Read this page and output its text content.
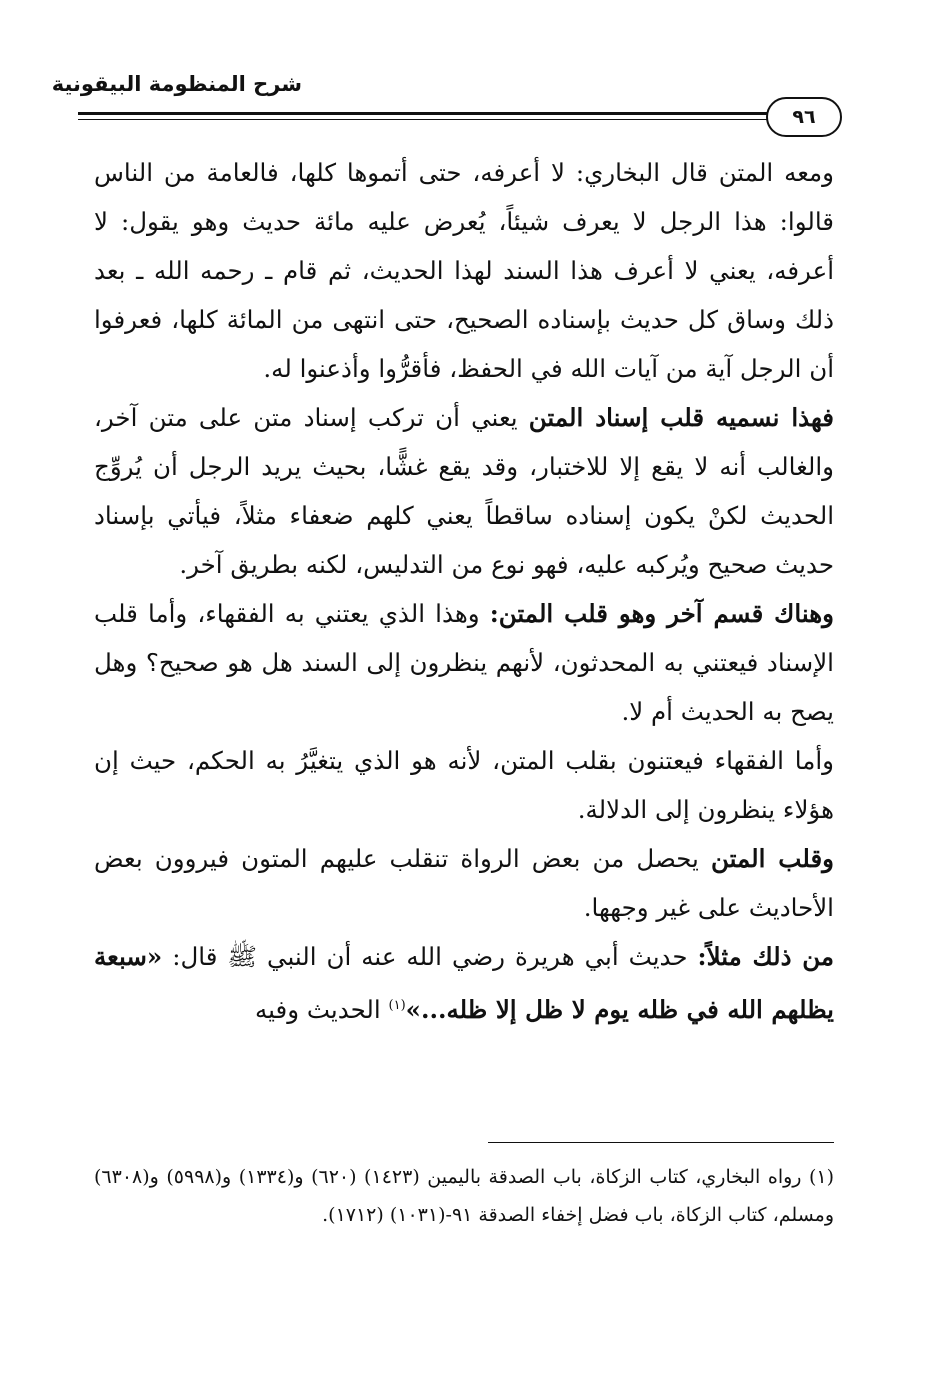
شرح المنظومة البيقونية
٩٦

ومعه المتن قال البخاري: لا أعرفه، حتى أتموها كلها، فالعامة من الناس قالوا: هذا الرجل لا يعرف شيئاً، يُعرض عليه مائة حديث وهو يقول: لا أعرفه، يعني لا أعرف هذا السند لهذا الحديث، ثم قام ـ رحمه الله ـ بعد ذلك وساق كل حديث بإسناده الصحيح، حتى انتهى من المائة كلها، فعرفوا أن الرجل آية من آيات الله في الحفظ، فأقرُّوا وأذعنوا له.

فهذا نسميه قلب إسناد المتن يعني أن تركب إسناد متن على متن آخر، والغالب أنه لا يقع إلا للاختبار، وقد يقع غشًّا، بحيث يريد الرجل أن يُروِّج الحديث لكنْ يكون إسناده ساقطاً يعني كلهم ضعفاء مثلاً، فيأتي بإسناد حديث صحيح ويُركبه عليه، فهو نوع من التدليس، لكنه بطريق آخر.

وهناك قسم آخر وهو قلب المتن: وهذا الذي يعتني به الفقهاء، وأما قلب الإسناد فيعتني به المحدثون، لأنهم ينظرون إلى السند هل هو صحيح؟ وهل يصح به الحديث أم لا.

وأما الفقهاء فيعتنون بقلب المتن، لأنه هو الذي يتغيَّرُ به الحكم، حيث إن هؤلاء ينظرون إلى الدلالة.

وقلب المتن يحصل من بعض الرواة تنقلب عليهم المتون فيروون بعض الأحاديث على غير وجهها.

من ذلك مثلاً: حديث أبي هريرة رضي الله عنه أن النبي ﷺ قال: «سبعة يظلهم الله في ظله يوم لا ظل إلا ظله...»$^{(١)}$ الحديث وفيه

(١) رواه البخاري، كتاب الزكاة، باب الصدقة باليمين (١٤٢٣) (٦٢٠) و(١٣٣٤) و(٥٩٩٨) و(٦٣٠٨) ومسلم، كتاب الزكاة، باب فضل إخفاء الصدقة ٩١-(١٠٣١) (١٧١٢).
